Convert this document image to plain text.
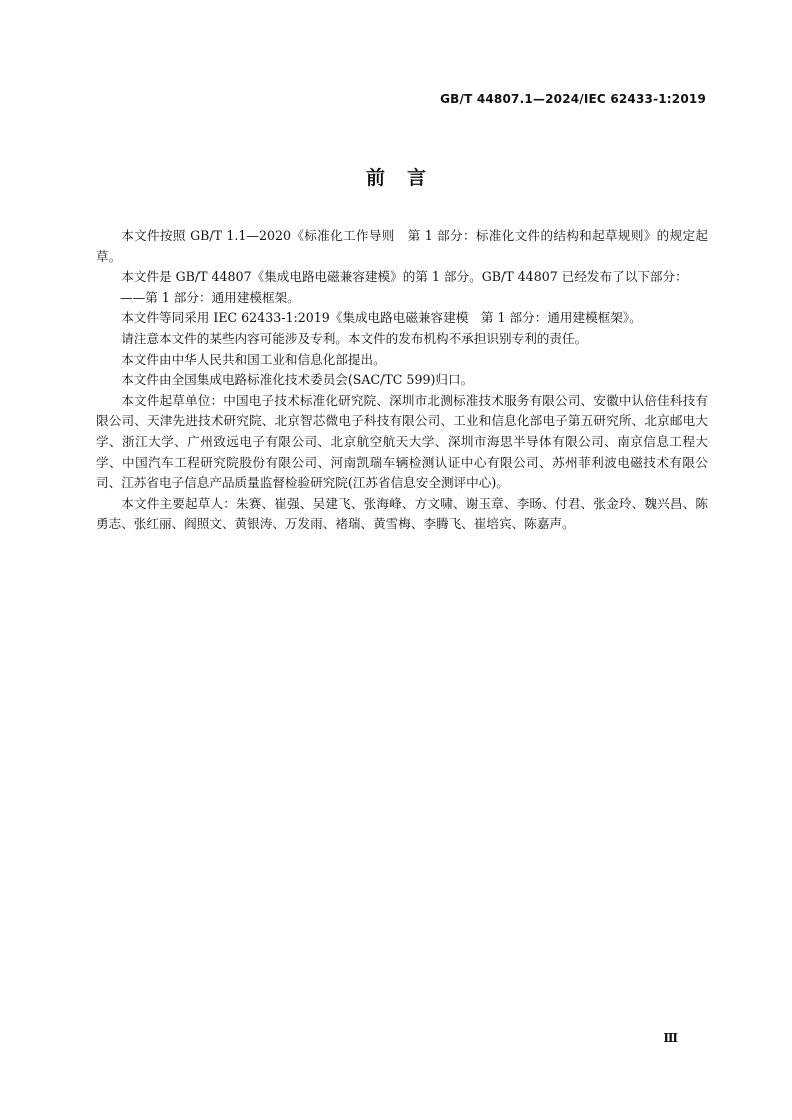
GB/T 44807.1—2024/IEC 62433-1:2019
前言

本文件按照 GB/T 1.1—2020《标准化工作导则　第 1 部分：标准化文件的结构和起草规则》的规定起草。

本文件是 GB/T 44807《集成电路电磁兼容建模》的第 1 部分。GB/T 44807 已经发布了以下部分：

——第 1 部分：通用建模框架。

本文件等同采用 IEC 62433-1:2019《集成电路电磁兼容建模　第 1 部分：通用建模框架》。

请注意本文件的某些内容可能涉及专利。本文件的发布机构不承担识别专利的责任。

本文件由中华人民共和国工业和信息化部提出。

本文件由全国集成电路标准化技术委员会(SAC/TC 599)归口。

本文件起草单位：中国电子技术标准化研究院、深圳市北测标准技术服务有限公司、安徽中认倍佳科技有限公司、天津先进技术研究院、北京智芯微电子科技有限公司、工业和信息化部电子第五研究所、北京邮电大学、浙江大学、广州致远电子有限公司、北京航空航天大学、深圳市海思半导体有限公司、南京信息工程大学、中国汽车工程研究院股份有限公司、河南凯瑞车辆检测认证中心有限公司、苏州菲利波电磁技术有限公司、江苏省电子信息产品质量监督检验研究院(江苏省信息安全测评中心)。

本文件主要起草人：朱赛、崔强、吴建飞、张海峰、方文啸、谢玉章、李旸、付君、张金玲、魏兴昌、陈勇志、张红丽、阎照文、黄银涛、万发雨、褚瑞、黄雪梅、李腾飞、崔培宾、陈嘉声。

Ⅲ
